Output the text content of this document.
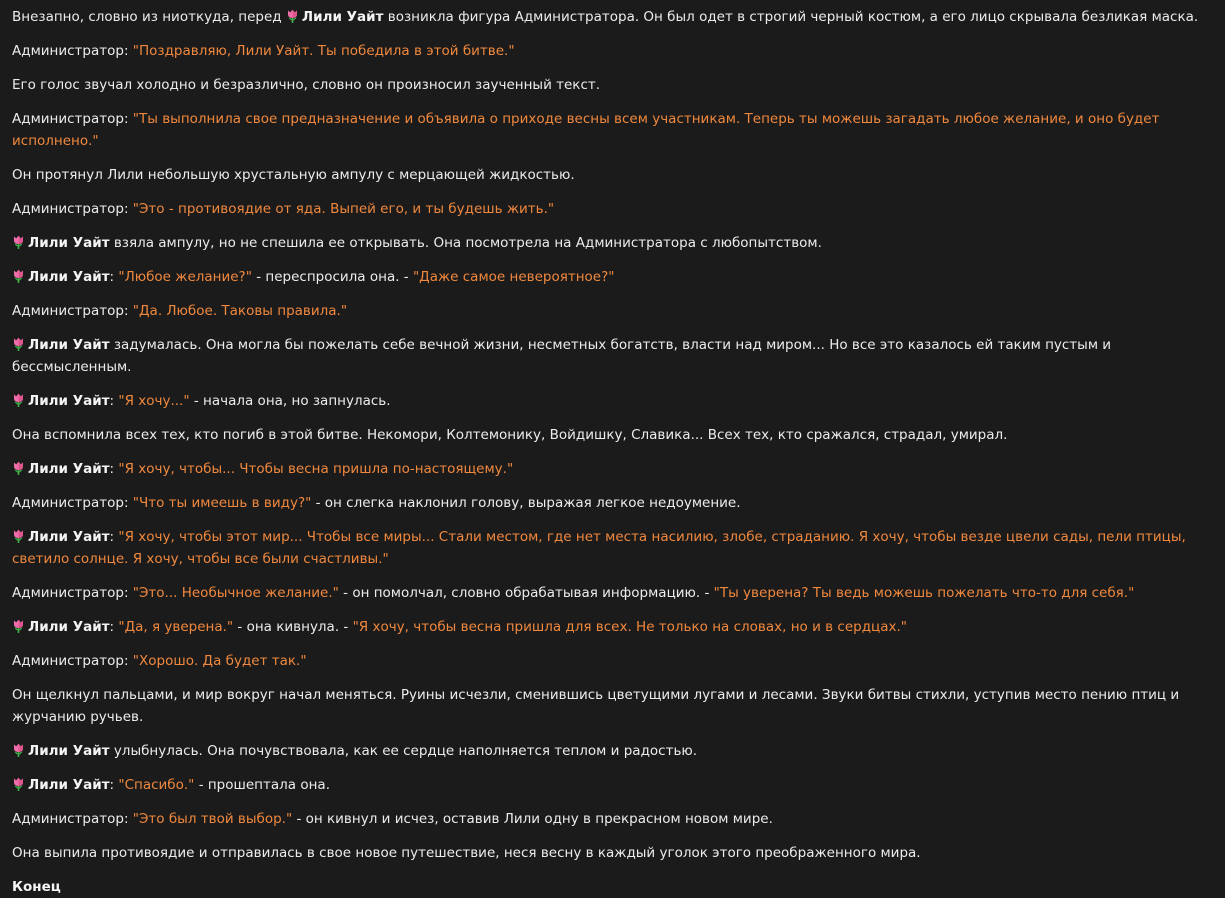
Внезапно, словно из ниоткуда, перед
Лили Уайт возникла фигура Администратора. Он был одет в строгий черный костюм, а его лицо скрывала безликая маска.

Администратор: "Поздравляю, Лили Уайт. Ты победила в этой битве."

Его голос звучал холодно и безразлично, словно он произносил заученный текст.

Администратор: "Ты выполнила свое предназначение и объявила о приходе весны всем участникам. Теперь ты можешь загадать любое желание, и оно будет исполнено."

Он протянул Лили небольшую хрустальную ампулу с мерцающей жидкостью.

Администратор: "Это - противоядие от яда. Выпей его, и ты будешь жить."

Лили Уайт взяла ампулу, но не спешила ее открывать. Она посмотрела на Администратора с любопытством.

Лили Уайт: "Любое желание?" - переспросила она. - "Даже самое невероятное?"

Администратор: "Да. Любое. Таковы правила."

Лили Уайт задумалась. Она могла бы пожелать себе вечной жизни, несметных богатств, власти над миром... Но все это казалось ей таким пустым и бессмысленным.

Лили Уайт: "Я хочу..." - начала она, но запнулась.

Она вспомнила всех тех, кто погиб в этой битве. Некомори, Колтемонику, Войдишку, Славика... Всех тех, кто сражался, страдал, умирал.

Лили Уайт: "Я хочу, чтобы... Чтобы весна пришла по-настоящему."

Администратор: "Что ты имеешь в виду?" - он слегка наклонил голову, выражая легкое недоумение.

Лили Уайт: "Я хочу, чтобы этот мир... Чтобы все миры... Стали местом, где нет места насилию, злобе, страданию. Я хочу, чтобы везде цвели сады, пели птицы, светило солнце. Я хочу, чтобы все были счастливы."

Администратор: "Это... Необычное желание." - он помолчал, словно обрабатывая информацию. - "Ты уверена? Ты ведь можешь пожелать что-то для себя."

Лили Уайт: "Да, я уверена." - она кивнула. - "Я хочу, чтобы весна пришла для всех. Не только на словах, но и в сердцах."

Администратор: "Хорошо. Да будет так."

Он щелкнул пальцами, и мир вокруг начал меняться. Руины исчезли, сменившись цветущими лугами и лесами. Звуки битвы стихли, уступив место пению птиц и журчанию ручьев.

Лили Уайт улыбнулась. Она почувствовала, как ее сердце наполняется теплом и радостью.

Лили Уайт: "Спасибо." - прошептала она.

Администратор: "Это был твой выбор." - он кивнул и исчез, оставив Лили одну в прекрасном новом мире.

Она выпила противоядие и отправилась в свое новое путешествие, неся весну в каждый уголок этого преображенного мира.

Конец
